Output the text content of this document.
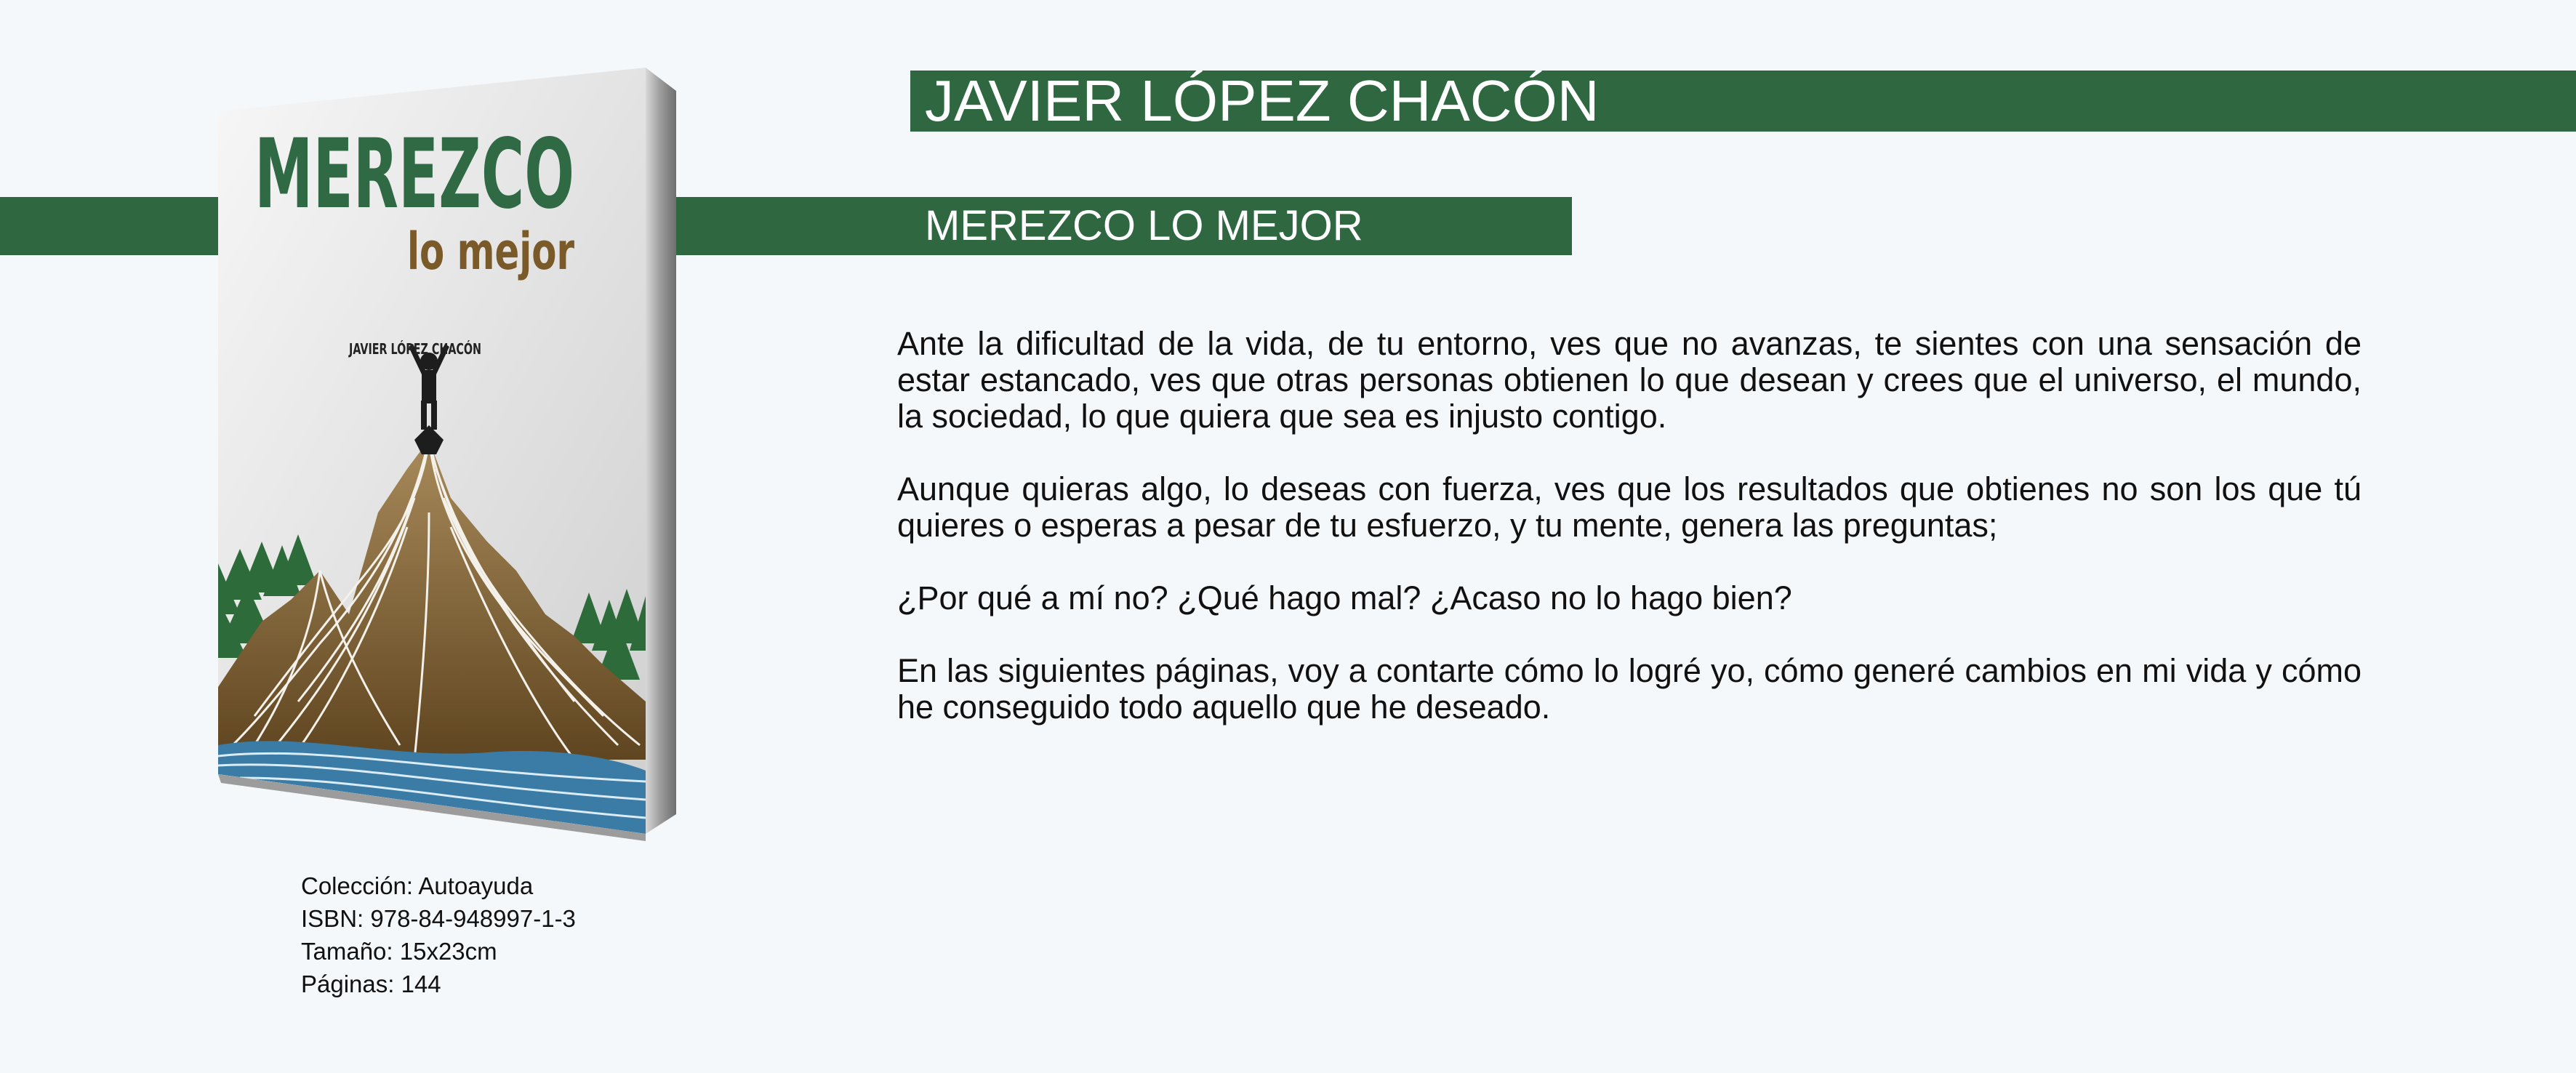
JAVIER LÓPEZ CHACÓN
MEREZCO LO MEJOR
MEREZCO
lo mejor
JAVIER LÓPEZ CHACÓN	Ante la dificultad de la vida, de tu entorno, ves que no avanzas, te sientes con una sensación de estar estancado, ves que otras personas obtienen lo que desean y crees que el universo, el mundo, la sociedad, lo que quiera que sea es injusto contigo.

Aunque quieras algo, lo deseas con fuerza, ves que los resultados que obtienes no son los que tú quieres o esperas a pesar de tu esfuerzo, y tu mente, genera las preguntas;

¿Por qué a mí no? ¿Qué hago mal? ¿Acaso no lo hago bien?

En las siguientes páginas, voy a contarte cómo lo logré yo, cómo generé cambios en mi vida y cómo he conseguido todo aquello que he deseado.

Colección: Autoayuda
ISBN: 978-84-948997-1-3
Tamaño: 15x23cm
Páginas: 144
